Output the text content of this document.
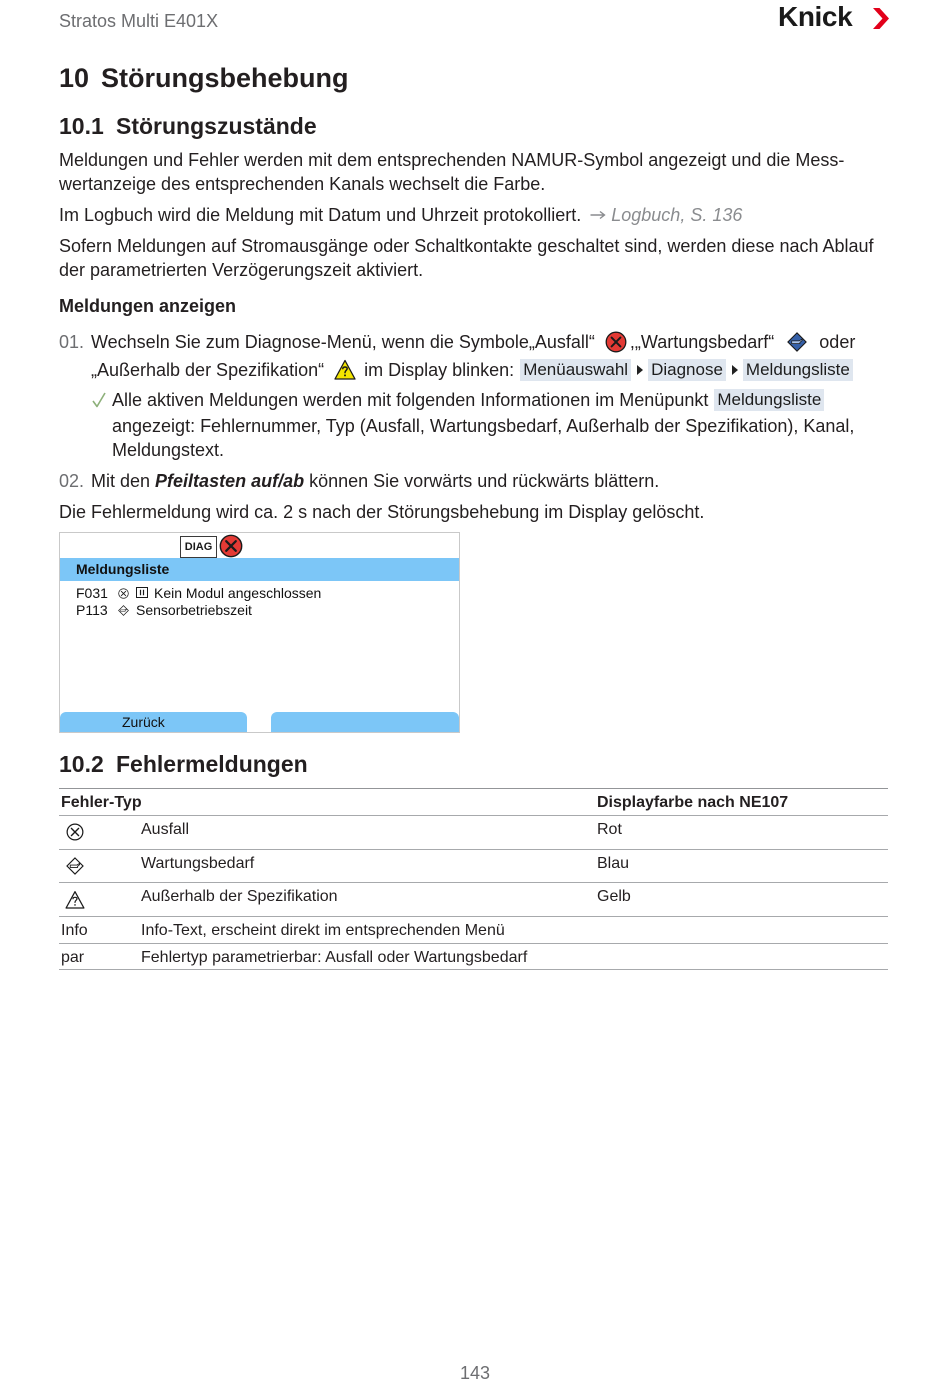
Stratos Multi E401X	Knick
10 Störungsbehebung
10.1 Störungszustände
Meldungen und Fehler werden mit dem entsprechenden NAMUR-Symbol angezeigt und die Mess-
wertanzeige des entsprechenden Kanals wechselt die Farbe.
Im Logbuch wird die Meldung mit Datum und Uhrzeit protokolliert. Logbuch, S. 136
Sofern Meldungen auf Stromausgänge oder Schaltkontakte geschaltet sind, werden diese nach Ablauf
der parametrierten Verzögerungszeit aktiviert.
Meldungen anzeigen
01. Wechseln Sie zum Diagnose-Menü, wenn die Symbole„Ausfall“ ,„Wartungsbedarf“	oder
„Außerhalb der Spezifikation“ im Display blinken: Menüauswahl Diagnose Meldungsliste
Alle aktiven Meldungen werden mit folgenden Informationen im Menüpunkt Meldungsliste
angezeigt: Fehlernummer, Typ (Ausfall, Wartungsbedarf, Außerhalb der Spezifikation), Kanal,
Meldungstext.
02. Mit den Pfeiltasten auf/ab können Sie vorwärts und rückwärts blättern.
Die Fehlermeldung wird ca. 2 s nach der Störungsbehebung im Display gelöscht.
DIAG
Meldungsliste
F031	Kein Modul angeschlossen
P113 Sensorbetriebszeit
Zurück
10.2 Fehlermeldungen
Fehler-Typ	Displayfarbe nach NE107
Ausfall	Rot
Wartungsbedarf	Blau
Außerhalb der Spezifikation	Gelb
Info	Info-Text, erscheint direkt im entsprechenden Menü
par	Fehlertyp parametrierbar: Ausfall oder Wartungsbedarf
143
